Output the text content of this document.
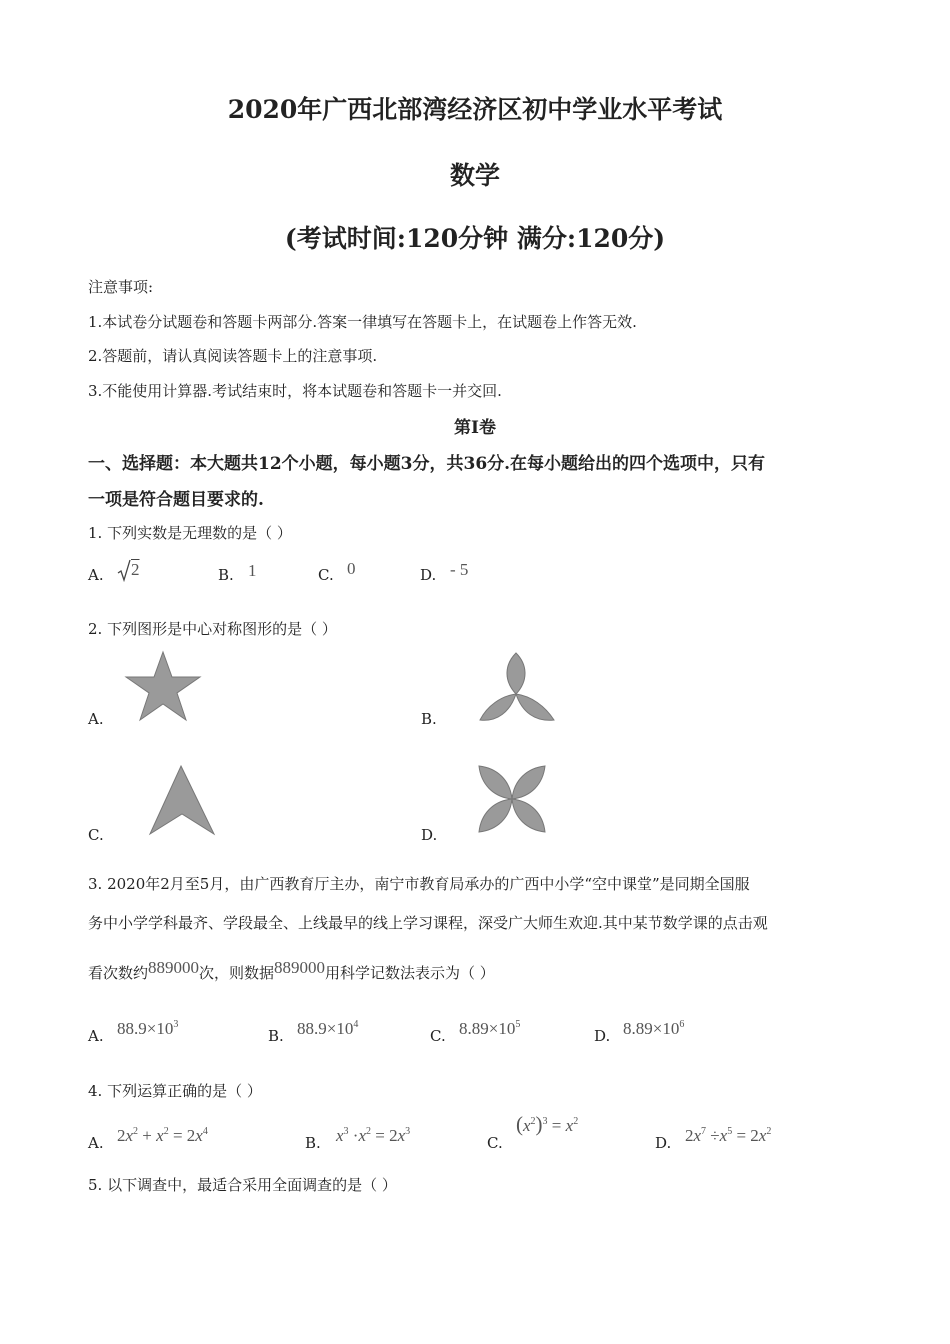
2020年广西北部湾经济区初中学业水平考试
数学
(考试时间:120分钟 满分:120分)
注意事项:
1.本试卷分试题卷和答题卡两部分.答案一律填写在答题卡上，在试题卷上作答无效.
2.答题前，请认真阅读答题卡上的注意事项.
3.不能使用计算器.考试结束时，将本试题卷和答题卡一并交回.
第I卷
一、选择题：本大题共12个小题，每小题3分，共36分.在每小题给出的四个选项中，只有
一项是符合题目要求的.
1. 下列实数是无理数的是（ ）
A. 2	B. 1	C. 0	D. - 5
2. 下列图形是中心对称图形的是（ ）
A.	B.
C.	D.
3. 2020年2月至5月，由广西教育厅主办，南宁市教育局承办的广西中小学“空中课堂”是同期全国服
务中小学学科最齐、学段最全、上线最早的线上学习课程，深受广大师生欢迎.其中某节数学课的点击观
看次数约889000次，则数据889000用科学记数法表示为（ ）
A. $88.9\times 10^3$
B. $88.9\times 10^4$
C. $8.89\times 10^5$
D. $8.89\times 10^6$
4. 下列运算正确的是（ ）
A. $2x^2 + x^2 = 2x^4$
B. $x^3 \cdot x^2 = 2x^3$
C.
$(x^2)^3 = x^2$
D. $2x^7 \div x^5 = 2x^2$
5. 以下调查中，最适合采用全面调查的是（ ）
